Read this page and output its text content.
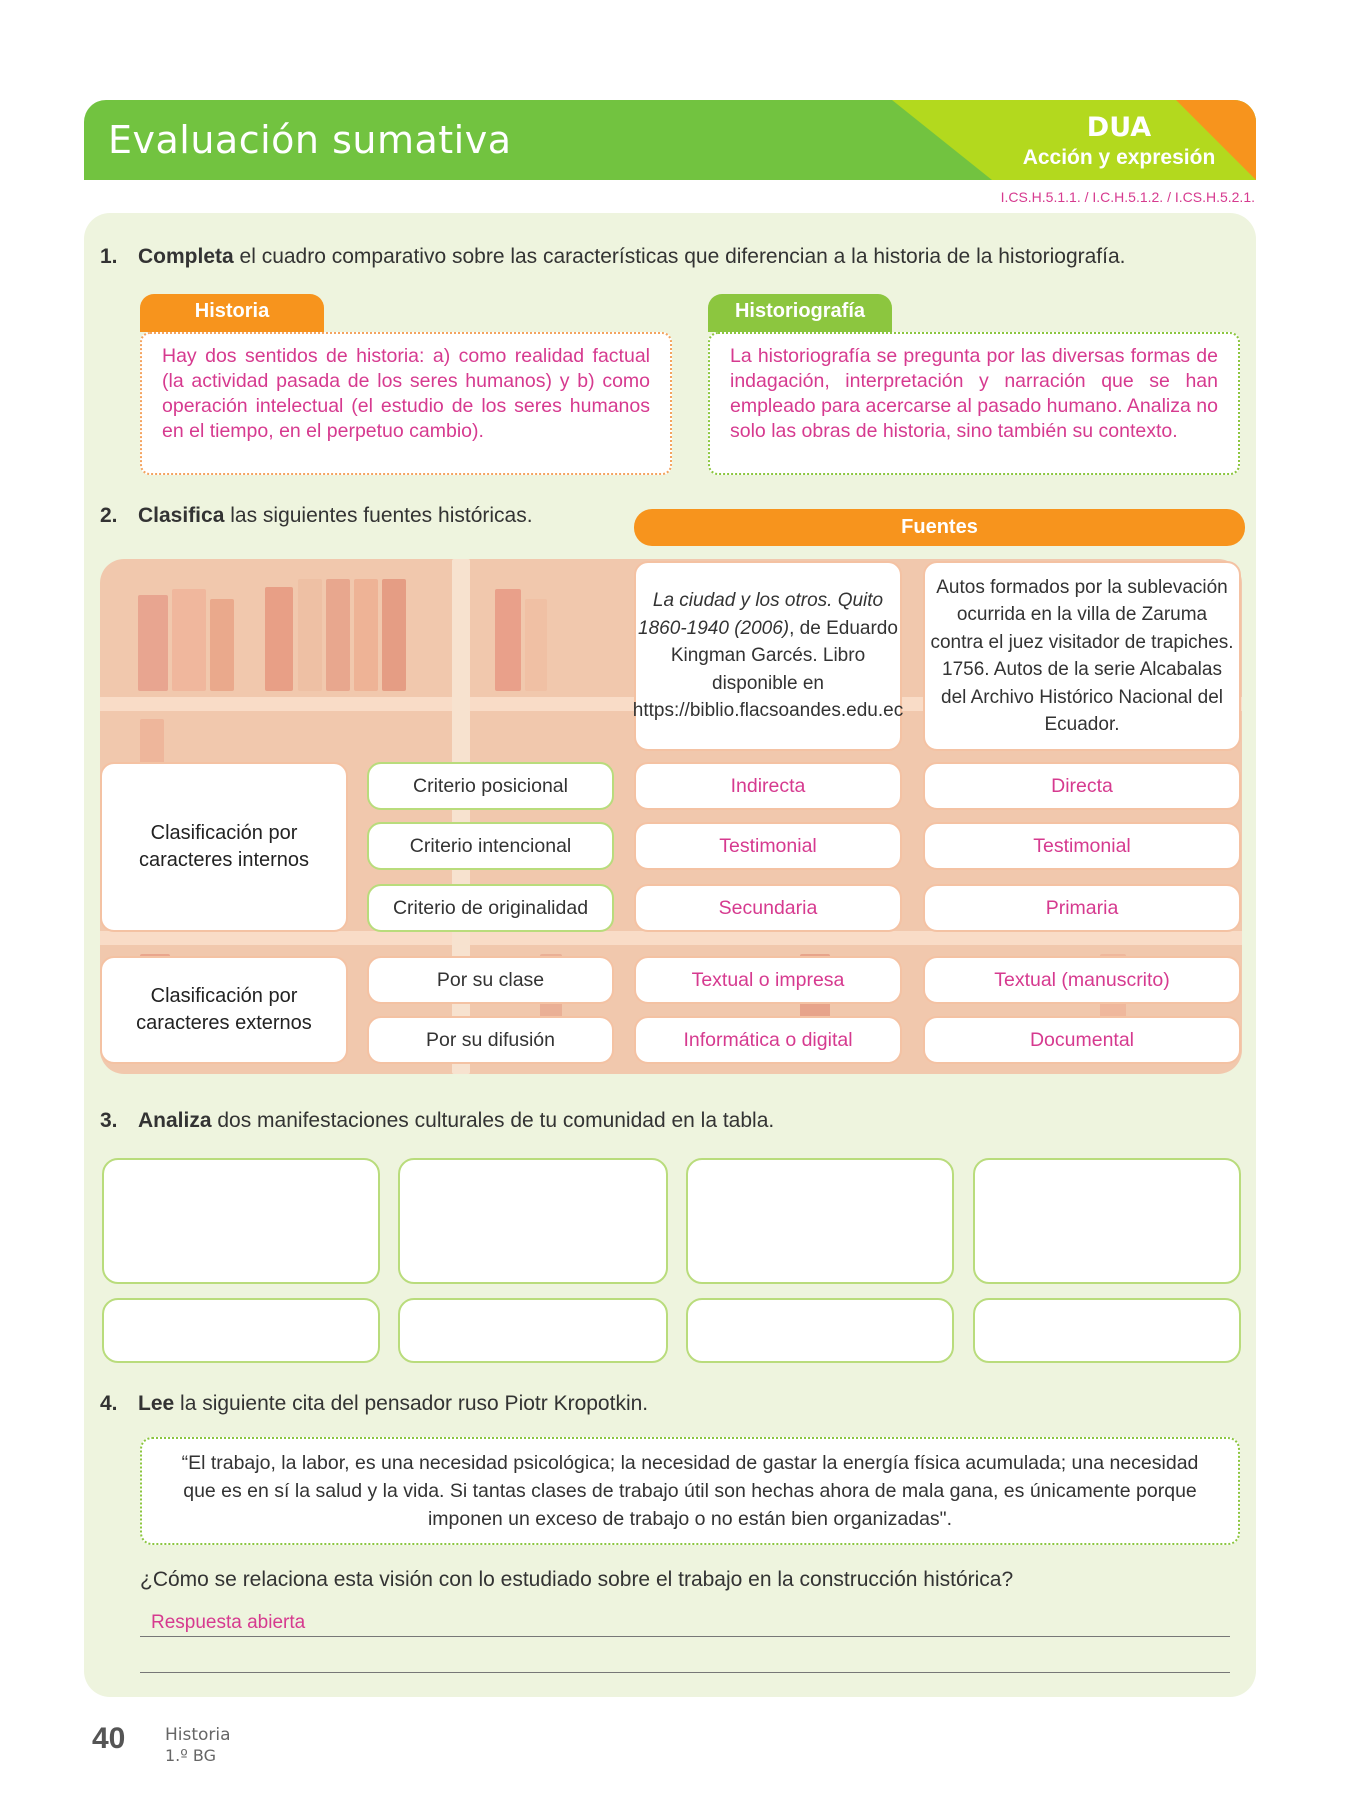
Evaluación sumativa	DUA
Acción y expresión
I.CS.H.5.1.1. / I.C.H.5.1.2. / I.CS.H.5.2.1.
1. Completa el cuadro comparativo sobre las características que diferencian a la historia de la historiografía.
Historia
Hay dos sentidos de historia: a) como realidad factual (la actividad pasada de los seres humanos) y b) como operación intelectual (el estudio de los seres humanos en el tiempo, en el perpetuo cambio).
Historiografía
La historiografía se pregunta por las diversas formas de indagación, interpretación y narración que se han empleado para acercarse al pasado humano. Analiza no solo las obras de historia, sino también su contexto.
2. Clasifica las siguientes fuentes históricas.	Fuentes
La ciudad y los otros. Quito 1860-1940 (2006), de Eduardo Kingman Garcés. Libro disponible en https://biblio.flacsoandes.edu.ec
Autos formados por la sublevación ocurrida en la villa de Zaruma contra el juez visitador de trapiches. 1756. Autos de la serie Alcabalas del Archivo Histórico Nacional del Ecuador.
Clasificación por caracteres internos
Clasificación por caracteres externos
Criterio posicional	Indirecta	Directa
Criterio intencional	Testimonial	Testimonial
Criterio de originalidad	Secundaria	Primaria
Por su clase	Textual o impresa	Textual (manuscrito)
Por su difusión	Informática o digital	Documental
3. Analiza dos manifestaciones culturales de tu comunidad en la tabla.
4. Lee la siguiente cita del pensador ruso Piotr Kropotkin.
“El trabajo, la labor, es una necesidad psicológica; la necesidad de gastar la energía física acumulada; una necesidad que es en sí la salud y la vida. Si tantas clases de trabajo útil son hechas ahora de mala gana, es únicamente porque imponen un exceso de trabajo o no están bien organizadas".
¿Cómo se relaciona esta visión con lo estudiado sobre el trabajo en la construcción histórica?
Respuesta abierta
40 Historia
1.º BG
